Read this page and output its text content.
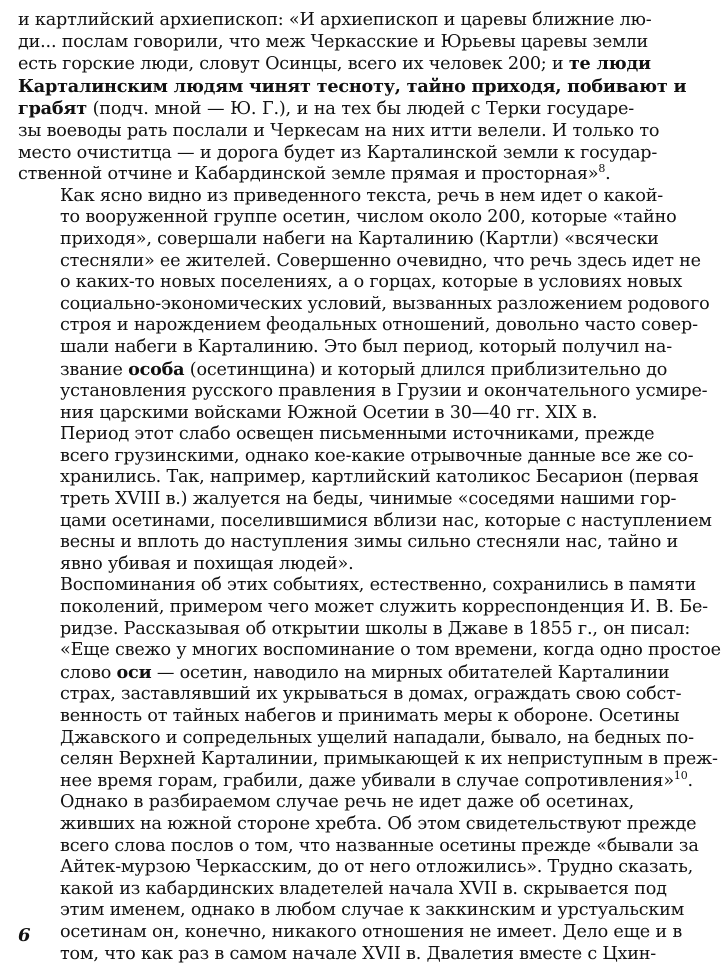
и картлийский архиепископ: «И архиепископ и царевы ближние лю-
ди... послам говорили, что меж Черкасские и Юрьевы царевы земли
есть горские люди, словут Осинцы, всего их человек 200; и те люди
Карталинским людям чинят тесноту, тайно приходя, побивают и
грабят (подч. мной — Ю. Г.), и на тех бы людей с Терки государе-
зы воеводы рать послали и Черкесам на них итти велели. И только то
место очиститца — и дорога будет из Карталинской земли к государ-
ственной отчине и Кабардинской земле прямая и просторная»$^8$.
Как ясно видно из приведенного текста, речь в нем идет о какой-
то вооруженной группе осетин, числом около 200, которые «тайно
приходя», совершали набеги на Карталинию (Картли) «всячески
стесняли» ее жителей. Совершенно очевидно, что речь здесь идет не
о каких-то новых поселениях, а о горцах, которые в условиях новых
социально-экономических условий, вызванных разложением родового
строя и нарождением феодальных отношений, довольно часто совер-
шали набеги в Карталинию. Это был период, который получил на-
звание особа (осетинщина) и который длился приблизительно до
установления русского правления в Грузии и окончательного усмире-
ния царскими войсками Южной Осетии в 30—40 гг. XIX в.
Период этот слабо освещен письменными источниками, прежде
всего грузинскими, однако кое-какие отрывочные данные все же со-
хранились. Так, например, картлийский католикос Бесарион (первая
треть XVIII в.) жалуется на беды, чинимые «соседями нашими гор-
цами осетинами, поселившимися вблизи нас, которые с наступлением
весны и вплоть до наступления зимы сильно стесняли нас, тайно и
явно убивая и похищая людей».
Воспоминания об этих событиях, естественно, сохранились в памяти
поколений, примером чего может служить корреспонденция И. В. Бе-
ридзе. Рассказывая об открытии школы в Джаве в 1855 г., он писал:
«Еще свежо у многих воспоминание о том времени, когда одно простое
слово оси — осетин, наводило на мирных обитателей Карталинии
страх, заставлявший их укрываться в домах, ограждать свою собст-
венность от тайных набегов и принимать меры к обороне. Осетины
Джавского и сопредельных ущелий нападали, бывало, на бедных по-
селян Верхней Карталинии, примыкающей к их неприступным в преж-
нее время горам, грабили, даже убивали в случае сопротивления»$^{10}$.
Однако в разбираемом случае речь не идет даже об осетинах,
живших на южной стороне хребта. Об этом свидетельствуют прежде
всего слова послов о том, что названные осетины прежде «бывали за
Айтек-мурзою Черкасским, до от него отложились». Трудно сказать,
какой из кабардинских владетелей начала XVII в. скрывается под
этим именем, однако в любом случае к заккинским и урстуальским
осетинам он, конечно, никакого отношения не имеет. Дело еще и в
том, что как раз в самом начале XVII в. Двалетия вместе с Цхин-
6
